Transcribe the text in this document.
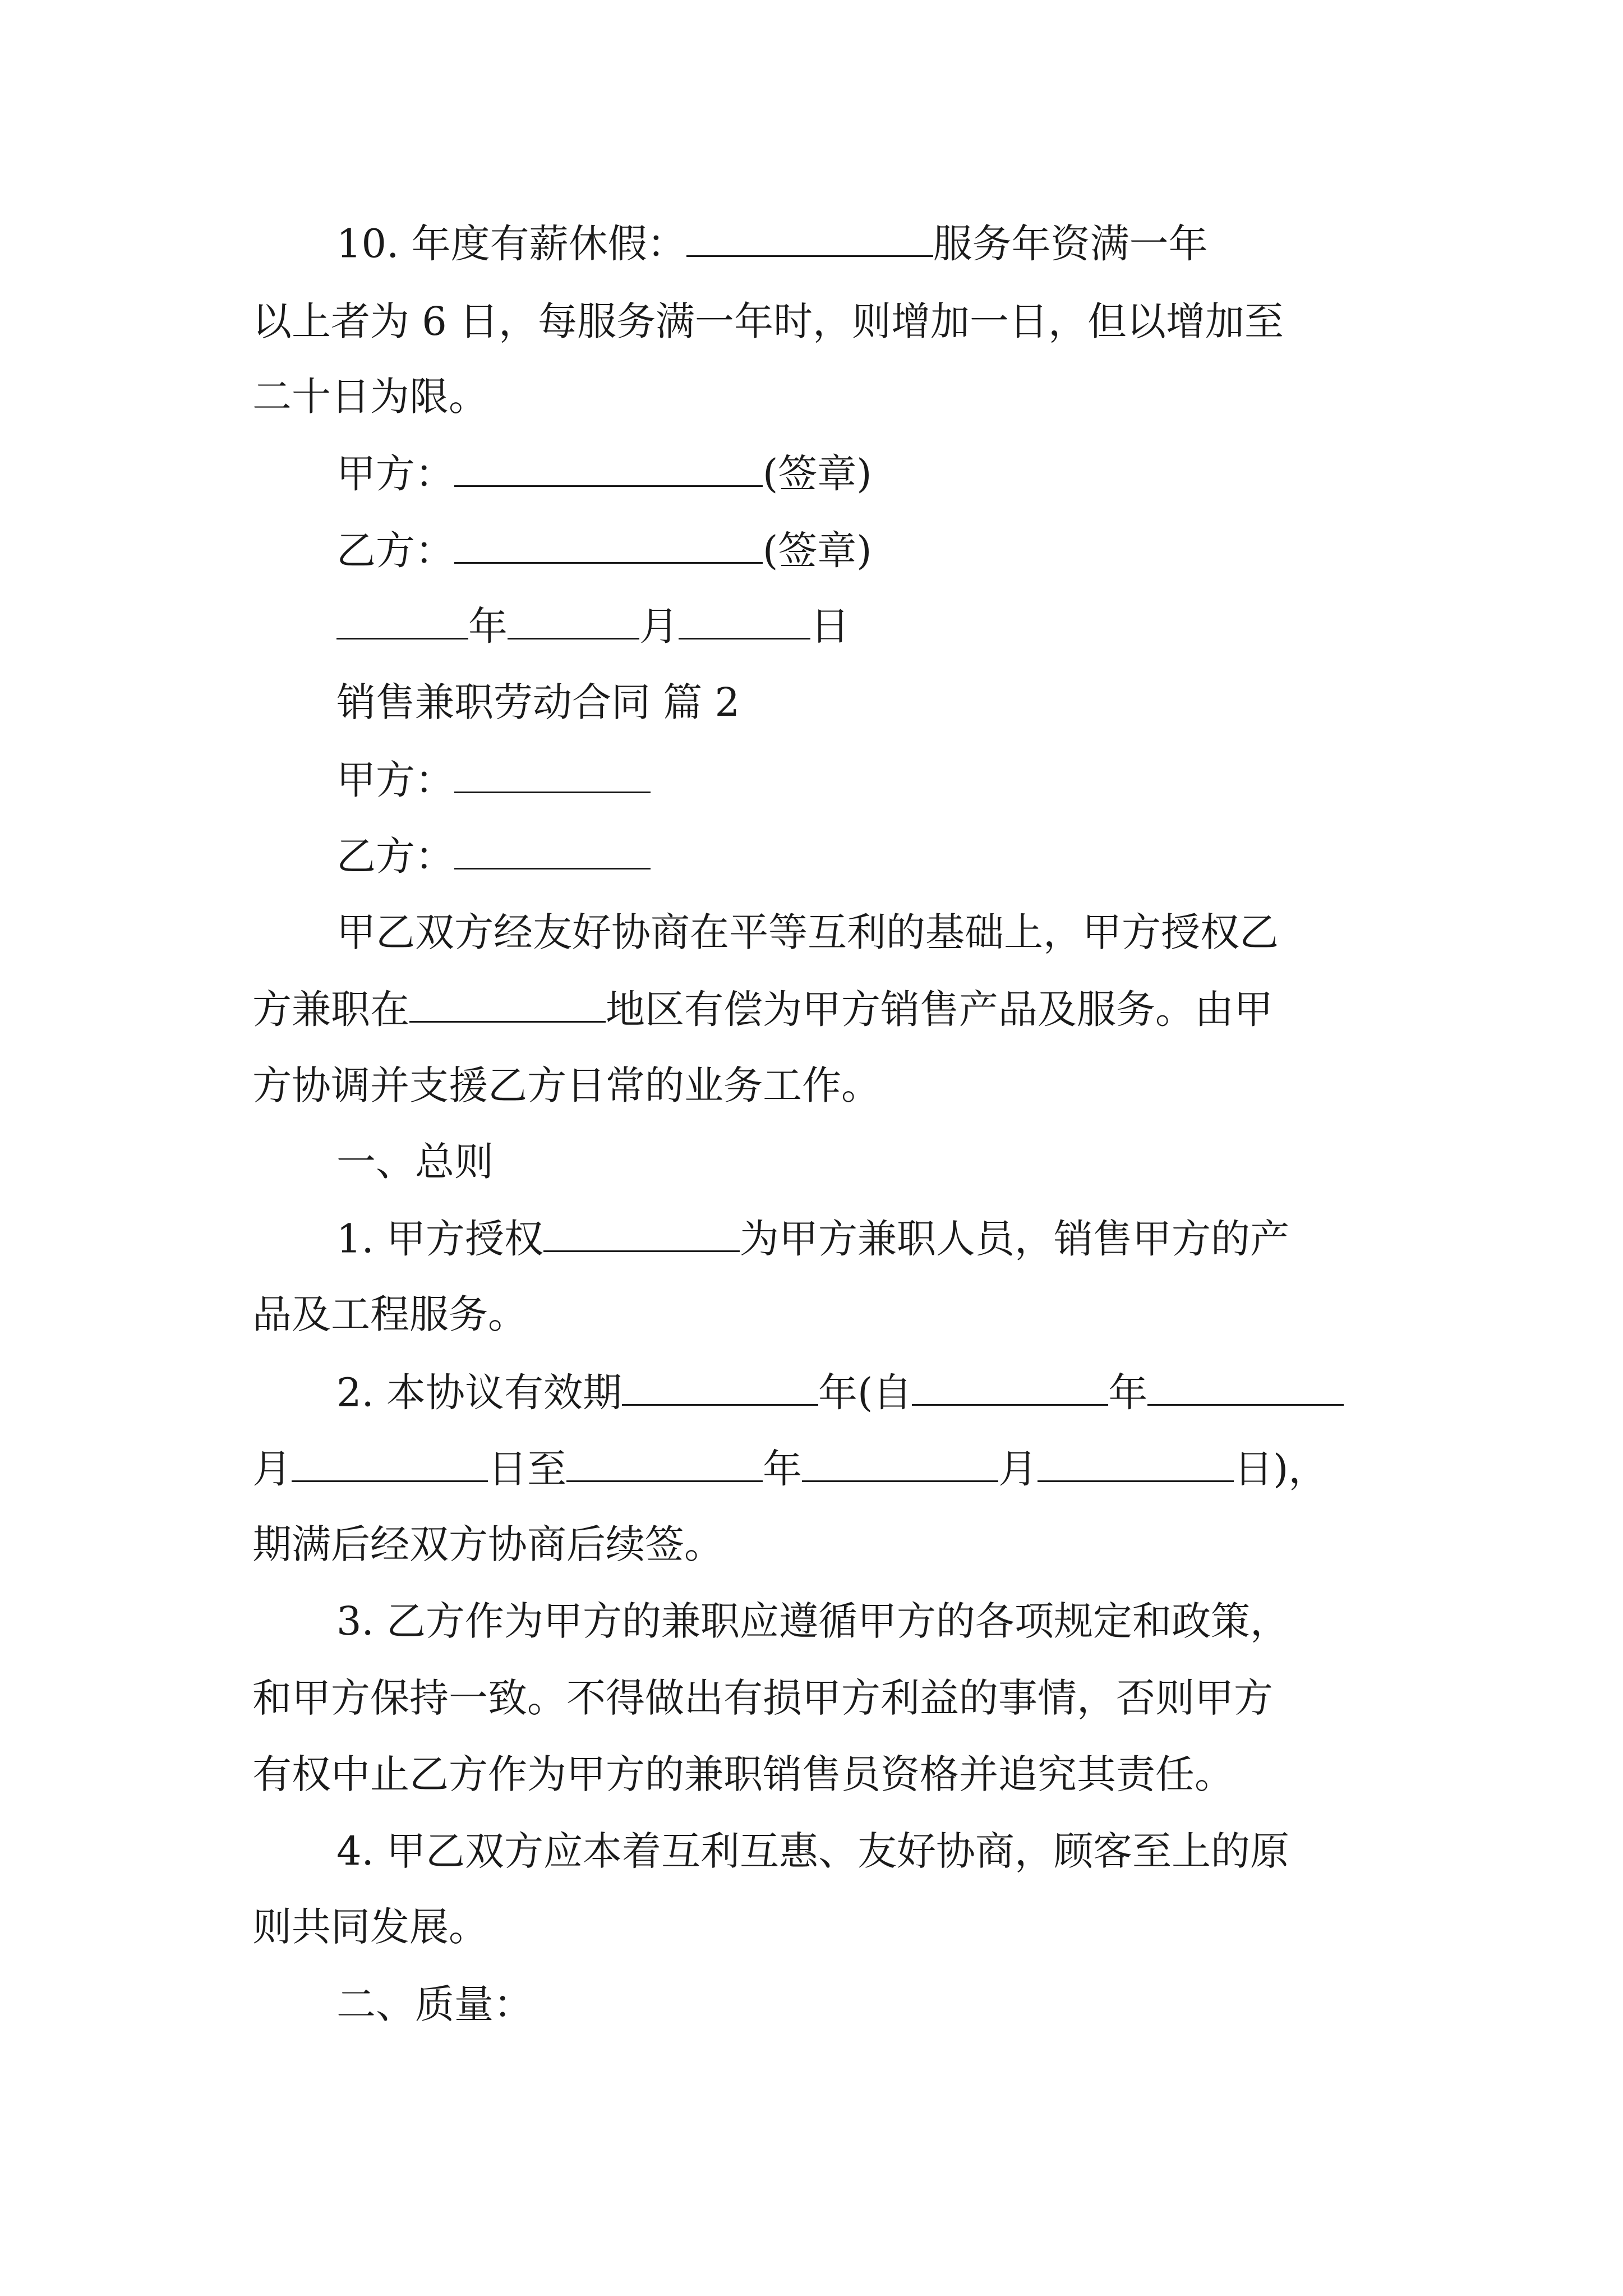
10. 年度有薪休假：	服务年资满一年
以上者为 6 日，每服务满一年时，则增加一日，但以增加至
二十日为限。
甲方：	(签章)
乙方：	(签章)
年	月	日
销售兼职劳动合同 篇 2
甲方：
乙方：
甲乙双方经友好协商在平等互利的基础上，甲方授权乙
方兼职在	地区有偿为甲方销售产品及服务。由甲
方协调并支援乙方日常的业务工作。
一、总则
1. 甲方授权	为甲方兼职人员，销售甲方的产
品及工程服务。
2. 本协议有效期	年(自	年
月	日至	年	月	日)，
期满后经双方协商后续签。
3. 乙方作为甲方的兼职应遵循甲方的各项规定和政策，
和甲方保持一致。不得做出有损甲方利益的事情，否则甲方
有权中止乙方作为甲方的兼职销售员资格并追究其责任。
4. 甲乙双方应本着互利互惠、友好协商，顾客至上的原
则共同发展。
二、质量：
